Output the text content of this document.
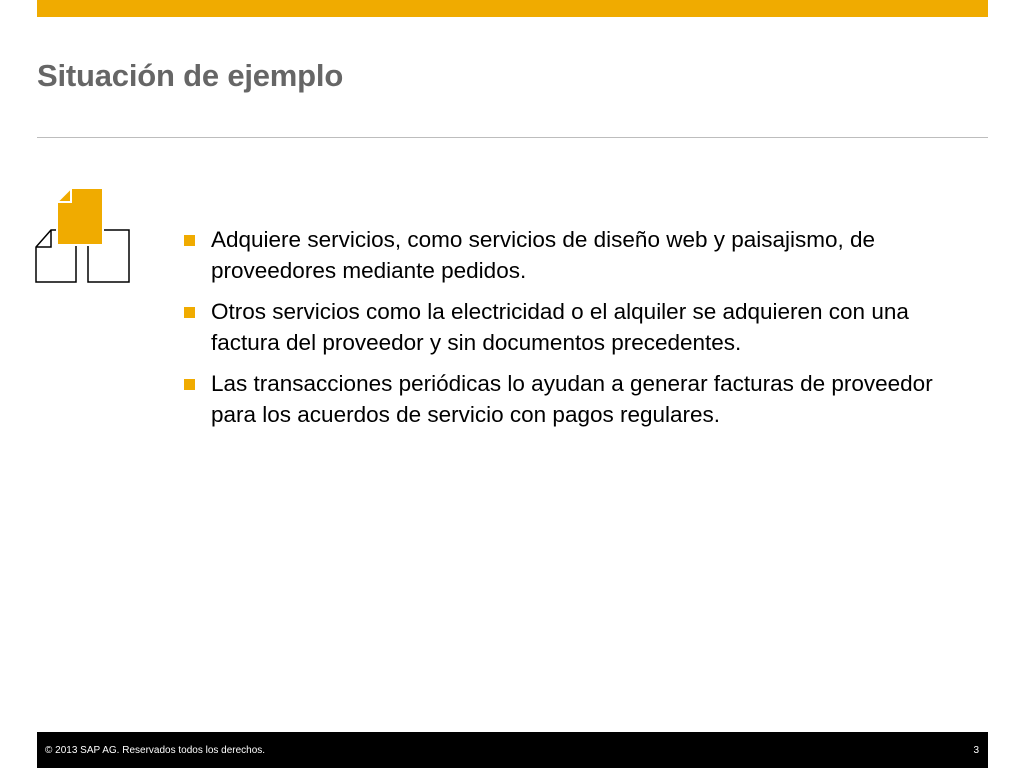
Situación de ejemplo
Adquiere servicios, como servicios de diseño web y paisajismo, de proveedores mediante pedidos.
Otros servicios como la electricidad o el alquiler se adquieren con una factura del proveedor y sin documentos precedentes.
Las transacciones periódicas lo ayudan a generar facturas de proveedor para los acuerdos de servicio con pagos regulares.
© 2013 SAP AG. Reservados todos los derechos.	3
